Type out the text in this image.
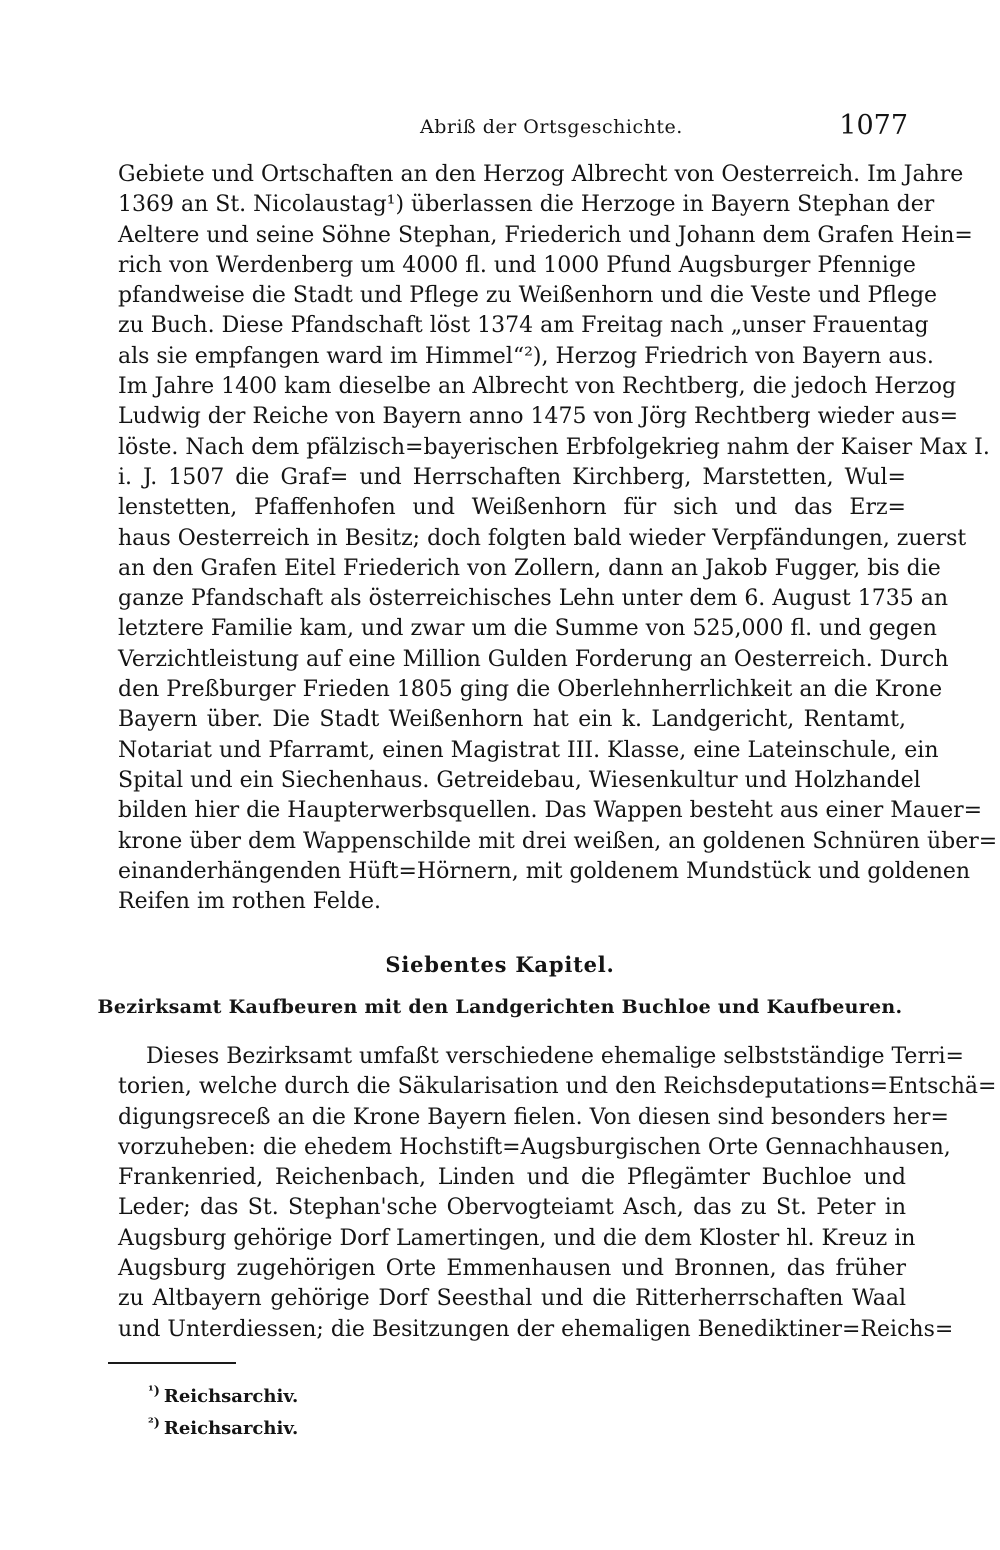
Abriß der Ortsgeschichte.	1077
Gebiete und Ortschaften an den Herzog Albrecht von Oesterreich. Im Jahre
1369 an St. Nicolaustag¹) überlassen die Herzoge in Bayern Stephan der
Aeltere und seine Söhne Stephan, Friederich und Johann dem Grafen Hein=
rich von Werdenberg um 4000 fl. und 1000 Pfund Augsburger Pfennige
pfandweise die Stadt und Pflege zu Weißenhorn und die Veste und Pflege
zu Buch. Diese Pfandschaft löst 1374 am Freitag nach „unser Frauentag
als sie empfangen ward im Himmel“²), Herzog Friedrich von Bayern aus.
Im Jahre 1400 kam dieselbe an Albrecht von Rechtberg, die jedoch Herzog
Ludwig der Reiche von Bayern anno 1475 von Jörg Rechtberg wieder aus=
löste. Nach dem pfälzisch=bayerischen Erbfolgekrieg nahm der Kaiser Max I.
i. J. 1507 die Graf= und Herrschaften Kirchberg, Marstetten, Wul=
lenstetten, Pfaffenhofen und Weißenhorn für sich und das Erz=
haus Oesterreich in Besitz; doch folgten bald wieder Verpfändungen, zuerst
an den Grafen Eitel Friederich von Zollern, dann an Jakob Fugger, bis die
ganze Pfandschaft als österreichisches Lehn unter dem 6. August 1735 an
letztere Familie kam, und zwar um die Summe von 525,000 fl. und gegen
Verzichtleistung auf eine Million Gulden Forderung an Oesterreich. Durch
den Preßburger Frieden 1805 ging die Oberlehnherrlichkeit an die Krone
Bayern über. Die Stadt Weißenhorn hat ein k. Landgericht, Rentamt,
Notariat und Pfarramt, einen Magistrat III. Klasse, eine Lateinschule, ein
Spital und ein Siechenhaus. Getreidebau, Wiesenkultur und Holzhandel
bilden hier die Haupterwerbsquellen. Das Wappen besteht aus einer Mauer=
krone über dem Wappenschilde mit drei weißen, an goldenen Schnüren über=
einanderhängenden Hüft=Hörnern, mit goldenem Mundstück und goldenen
Reifen im rothen Felde.
Siebentes Kapitel.
Bezirksamt Kaufbeuren mit den Landgerichten Buchloe und Kaufbeuren.
Dieses Bezirksamt umfaßt verschiedene ehemalige selbstständige Terri=
torien, welche durch die Säkularisation und den Reichsdeputations=Entschä=
digungsreceß an die Krone Bayern fielen. Von diesen sind besonders her=
vorzuheben: die ehedem Hochstift=Augsburgischen Orte Gennachhausen,
Frankenried, Reichenbach, Linden und die Pflegämter Buchloe und
Leder; das St. Stephan'sche Obervogteiamt Asch, das zu St. Peter in
Augsburg gehörige Dorf Lamertingen, und die dem Kloster hl. Kreuz in
Augsburg zugehörigen Orte Emmenhausen und Bronnen, das früher
zu Altbayern gehörige Dorf Seesthal und die Ritterherrschaften Waal
und Unterdiessen; die Besitzungen der ehemaligen Benediktiner=Reichs=
$^{^1)}$ Reichsarchiv.
$^{^2)}$ Reichsarchiv.
